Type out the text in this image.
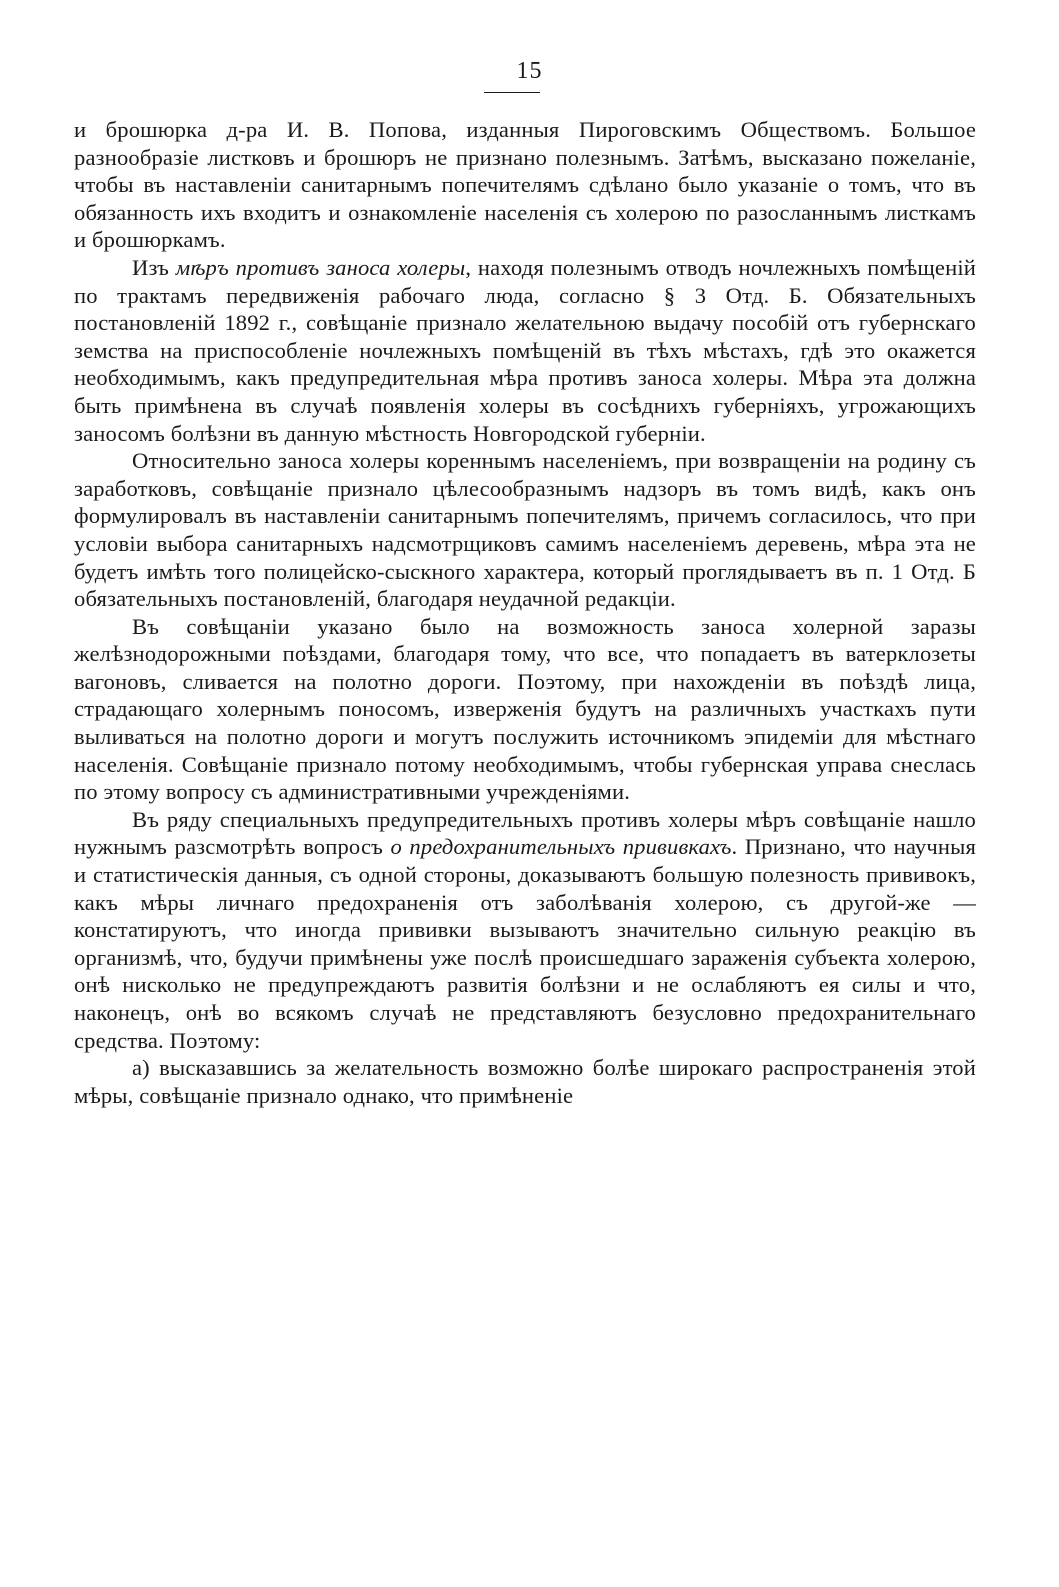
15

и брошюрка д-ра И. В. Попова, изданныя Пироговскимъ Обществомъ. Большое разнообразіе листковъ и брошюръ не признано полезнымъ. Затѣмъ, высказано пожеланіе, чтобы въ наставленіи санитарнымъ попечителямъ сдѣлано было указаніе о томъ, что въ обязанность ихъ входитъ и ознакомленіе населенія съ холерою по разосланнымъ листкамъ и брошюркамъ.

Изъ мѣръ противъ заноса холеры, находя полезнымъ отводъ ночлежныхъ помѣщеній по трактамъ передвиженія рабочаго люда, согласно § 3 Отд. Б. Обязательныхъ постановленій 1892 г., совѣщаніе признало желательною выдачу пособій отъ губернскаго земства на приспособленіе ночлежныхъ помѣщеній въ тѣхъ мѣстахъ, гдѣ это окажется необходимымъ, какъ предупредительная мѣра противъ заноса холеры. Мѣра эта должна быть примѣнена въ случаѣ появленія холеры въ сосѣднихъ губерніяхъ, угрожающихъ заносомъ болѣзни въ данную мѣстность Новгородской губерніи.

Относительно заноса холеры кореннымъ населеніемъ, при возвращеніи на родину съ заработковъ, совѣщаніе признало цѣлесообразнымъ надзоръ въ томъ видѣ, какъ онъ формулировалъ въ наставленіи санитарнымъ попечителямъ, причемъ согласилось, что при условіи выбора санитарныхъ надсмотрщиковъ самимъ населеніемъ деревень, мѣра эта не будетъ имѣть того полицейско-сыскного характера, который проглядываетъ въ п. 1 Отд. Б обязательныхъ постановленій, благодаря неудачной редакціи.

Въ совѣщаніи указано было на возможность заноса холерной заразы желѣзнодорожными поѣздами, благодаря тому, что все, что попадаетъ въ ватерклозеты вагоновъ, сливается на полотно дороги. Поэтому, при нахожденіи въ поѣздѣ лица, страдающаго холернымъ поносомъ, изверженія будутъ на различныхъ участкахъ пути выливаться на полотно дороги и могутъ послужить источникомъ эпидеміи для мѣстнаго населенія. Совѣщаніе признало потому необходимымъ, чтобы губернская управа снеслась по этому вопросу съ административными учрежденіями.

Въ ряду специальныхъ предупредительныхъ противъ холеры мѣръ совѣщаніе нашло нужнымъ разсмотрѣть вопросъ о предохранительныхъ прививкахъ. Признано, что научныя и статистическія данныя, съ одной стороны, доказываютъ большую полезность прививокъ, какъ мѣры личнаго предохраненія отъ заболѣванія холерою, съ другой-же — констатируютъ, что иногда прививки вызываютъ значительно сильную реакцію въ организмѣ, что, будучи примѣнены уже послѣ происшедшаго зараженія субъекта холерою, онѣ нисколько не предупреждаютъ развитія болѣзни и не ослабляютъ ея силы и что, наконецъ, онѣ во всякомъ случаѣ не представляютъ безусловно предохранительнаго средства. Поэтому:

а) высказавшись за желательность возможно болѣе широкаго распространенія этой мѣры, совѣщаніе признало однако, что примѣненіе
